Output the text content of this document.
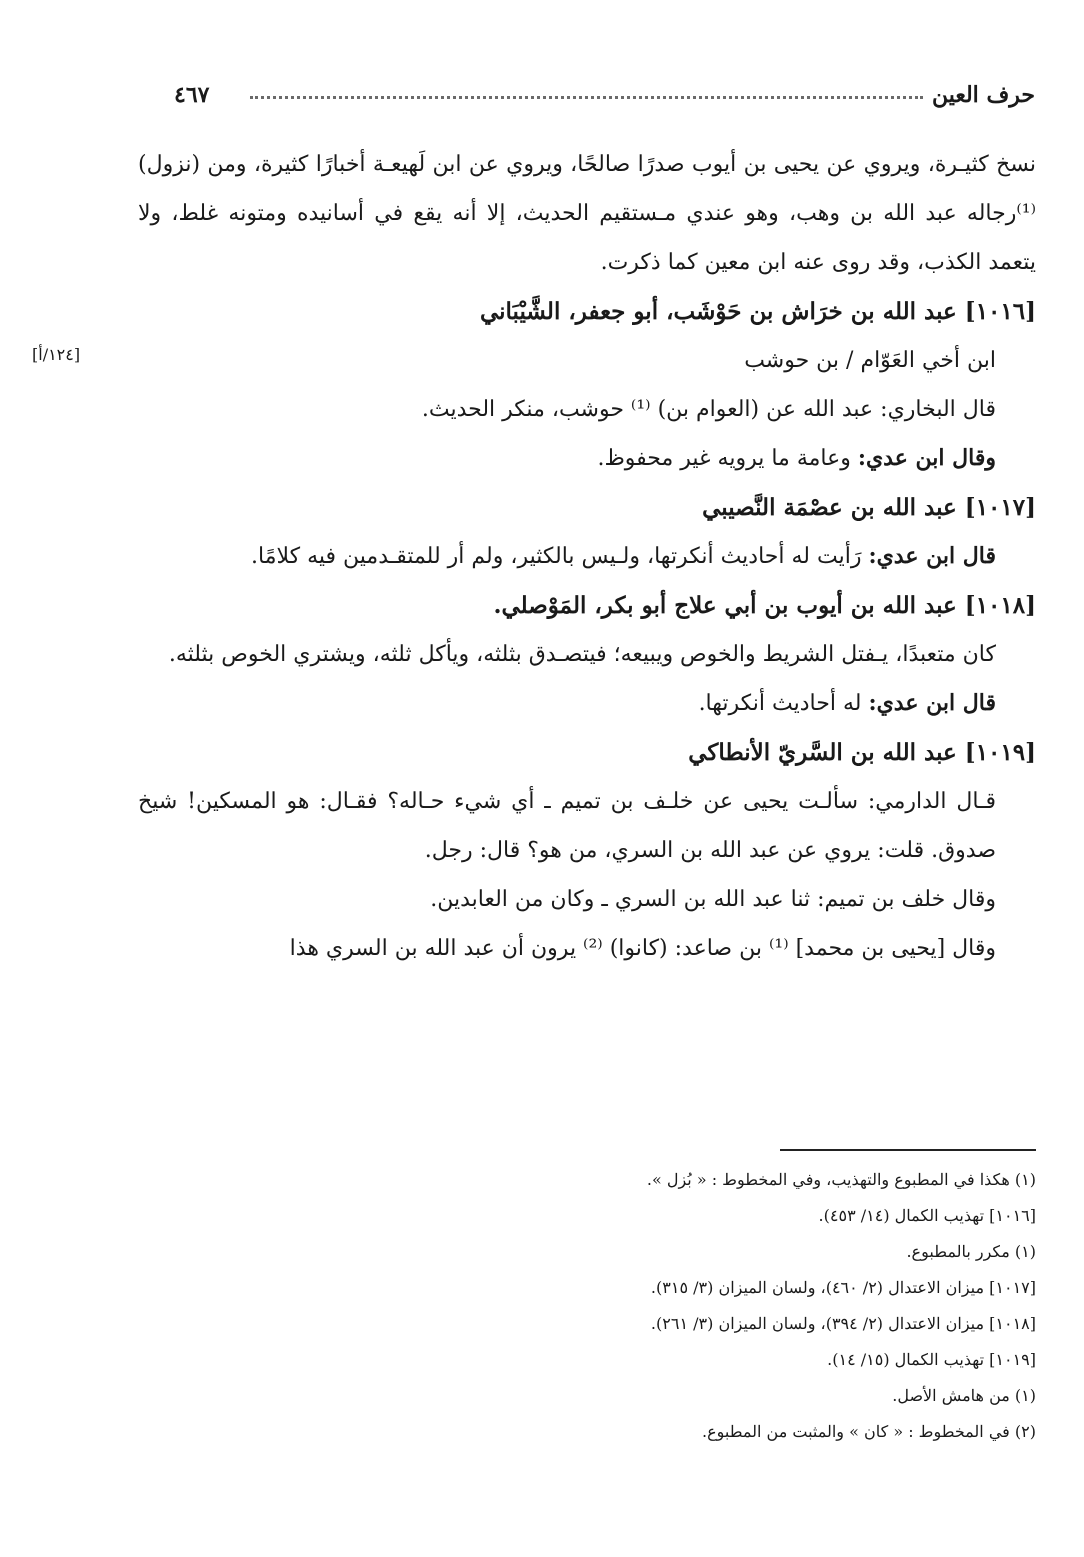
حرف العين
٤٦٧
[١٢٤/أ]

نسخ كثيـرة، ويروي عن يحيى بن أيوب صدرًا صالحًا، ويروي عن ابن لَهيعـة أخبارًا كثيرة، ومن (نزول) ⁽¹⁾رجاله عبد الله بن وهب، وهو عندي مـستقيم الحديث، إلا أنه يقع في أسانيده ومتونه غلط، ولا يتعمد الكذب، وقد روى عنه ابن معين كما ذكرت.

[١٠١٦] عبد الله بن خرَاش بن حَوْشَب، أبو جعفر، الشَّيْبَاني

ابن أخي العَوّام / بن حوشب

قال البخاري: عبد الله عن (العوام بن) ⁽¹⁾ حوشب، منكر الحديث.

وقال ابن عدي: وعامة ما يرويه غير محفوظ.

[١٠١٧] عبد الله بن عصْمَة النَّصيبي

قال ابن عدي: رَأيت له أحاديث أنكرتها، ولـيس بالكثير، ولم أر للمتقـدمين فيه كلامًا.

[١٠١٨] عبد الله بن أيوب بن أبي علاج أبو بكر، المَوْصلي.

كان متعبدًا، يـفتل الشريط والخوص ويبيعه؛ فيتصـدق بثلثه، ويأكل ثلثه، ويشتري الخوص بثلثه.

قال ابن عدي: له أحاديث أنكرتها.

[١٠١٩] عبد الله بن السَّريّ الأنطاكي

قـال الدارمي: سألـت يحيى عن خلـف بن تميم ـ أي شيء حـاله؟ فقـال: هو المسكين! شيخ صدوق. قلت: يروي عن عبد الله بن السري، من هو؟ قال: رجل.

وقال خلف بن تميم: ثنا عبد الله بن السري ـ وكان من العابدين.

وقال [يحيى بن محمد] ⁽¹⁾ بن صاعد: (كانوا) ⁽²⁾ يرون أن عبد الله بن السري هذا

(١) هكذا في المطبوع والتهذيب، وفي المخطوط : « بُزل ».

[١٠١٦] تهذيب الكمال (١٤/ ٤٥٣).

(١) مكرر بالمطبوع.

[١٠١٧] ميزان الاعتدال (٢/ ٤٦٠)، ولسان الميزان (٣/ ٣١٥).

[١٠١٨] ميزان الاعتدال (٢/ ٣٩٤)، ولسان الميزان (٣/ ٢٦١).

[١٠١٩] تهذيب الكمال (١٥/ ١٤).

(١) من هامش الأصل.

(٢) في المخطوط : « كان » والمثبت من المطبوع.
